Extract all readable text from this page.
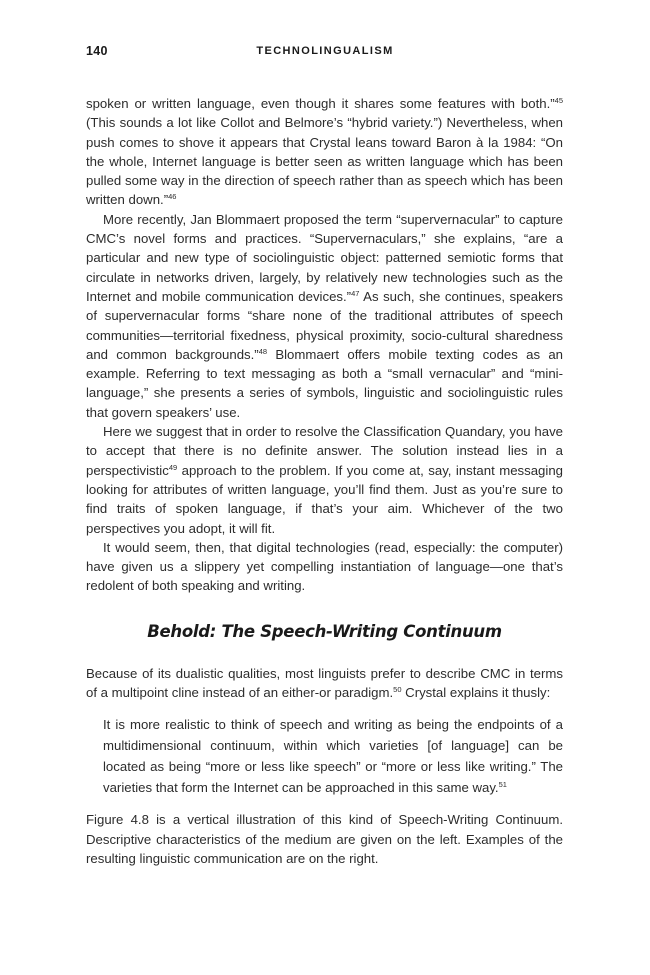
140	TECHNOLINGUALISM

spoken or written language, even though it shares some features with both.”$^{45}$ (This sounds a lot like Collot and Belmore’s “hybrid variety.”) Nevertheless, when push comes to shove it appears that Crystal leans toward Baron à la 1984: “On the whole, Internet language is better seen as written language which has been pulled some way in the direction of speech rather than as speech which has been written down.”$^{46}$

More recently, Jan Blommaert proposed the term “supervernacular” to capture CMC’s novel forms and practices. “Supervernaculars,” she explains, “are a particular and new type of sociolinguistic object: patterned semiotic forms that circulate in networks driven, largely, by relatively new technologies such as the Internet and mobile communication devices.”$^{47}$ As such, she continues, speakers of supervernacular forms “share none of the traditional attributes of speech communities—territorial fixedness, physical proximity, socio-cultural sharedness and common backgrounds.”$^{48}$ Blommaert offers mobile texting codes as an example. Referring to text messaging as both a “small vernacular” and “mini-language,” she presents a series of symbols, linguistic and sociolinguistic rules that govern speakers’ use.

Here we suggest that in order to resolve the Classification Quandary, you have to accept that there is no definite answer. The solution instead lies in a perspectivistic$^{49}$ approach to the problem. If you come at, say, instant messaging looking for attributes of written language, you’ll find them. Just as you’re sure to find traits of spoken language, if that’s your aim. Whichever of the two perspectives you adopt, it will fit.

It would seem, then, that digital technologies (read, especially: the computer) have given us a slippery yet compelling instantiation of language—one that’s redolent of both speaking and writing.

Behold: The Speech-Writing Continuum

Because of its dualistic qualities, most linguists prefer to describe CMC in terms of a multipoint cline instead of an either-or paradigm.$^{50}$ Crystal explains it thusly:

It is more realistic to think of speech and writing as being the endpoints of a multidimensional continuum, within which varieties [of language] can be located as being “more or less like speech” or “more or less like writing.” The varieties that form the Internet can be approached in this same way.$^{51}$

Figure 4.8 is a vertical illustration of this kind of Speech-Writing Continuum. Descriptive characteristics of the medium are given on the left. Examples of the resulting linguistic communication are on the right.
